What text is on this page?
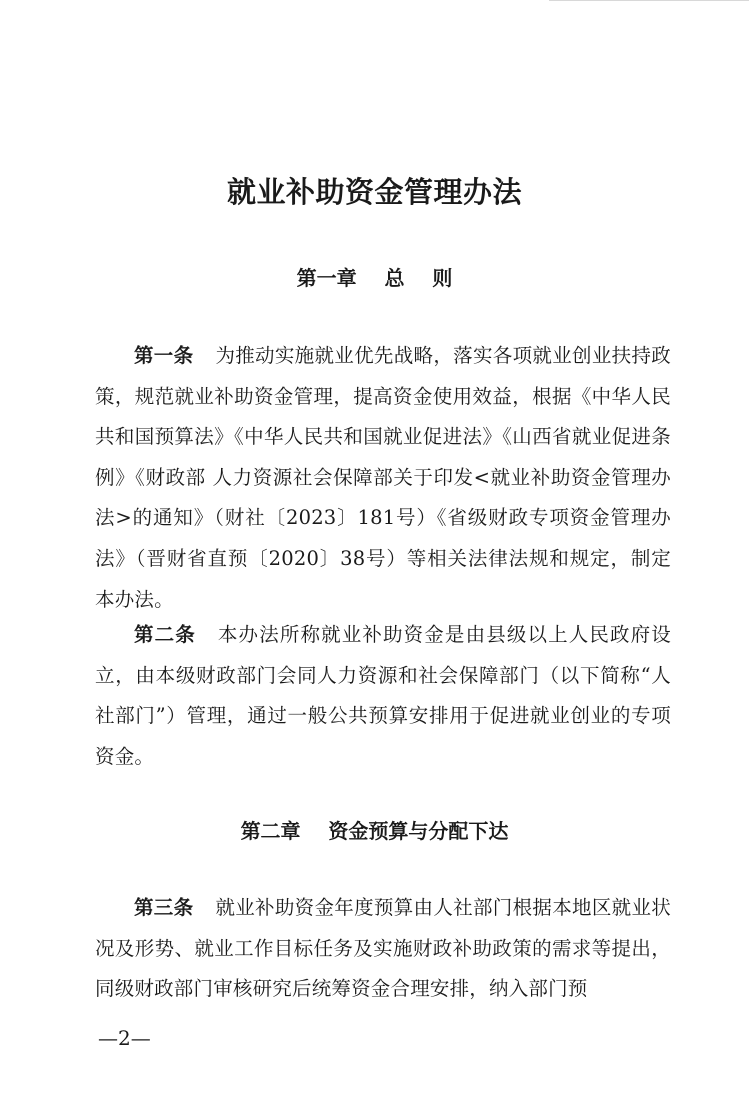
就业补助资金管理办法
第一章    总    则

第一条 为推动实施就业优先战略，落实各项就业创业扶持政策，规范就业补助资金管理，提高资金使用效益，根据《中华人民共和国预算法》《中华人民共和国就业促进法》《山西省就业促进条例》《财政部 人力资源社会保障部关于印发<就业补助资金管理办法>的通知》（财社〔2023〕181号）《省级财政专项资金管理办法》（晋财省直预〔2020〕38号）等相关法律法规和规定，制定本办法。

第二条 本办法所称就业补助资金是由县级以上人民政府设立，由本级财政部门会同人力资源和社会保障部门（以下简称“人社部门”）管理，通过一般公共预算安排用于促进就业创业的专项资金。

第二章    资金预算与分配下达

第三条 就业补助资金年度预算由人社部门根据本地区就业状况及形势、就业工作目标任务及实施财政补助政策的需求等提出，同级财政部门审核研究后统筹资金合理安排，纳入部门预

—2—
